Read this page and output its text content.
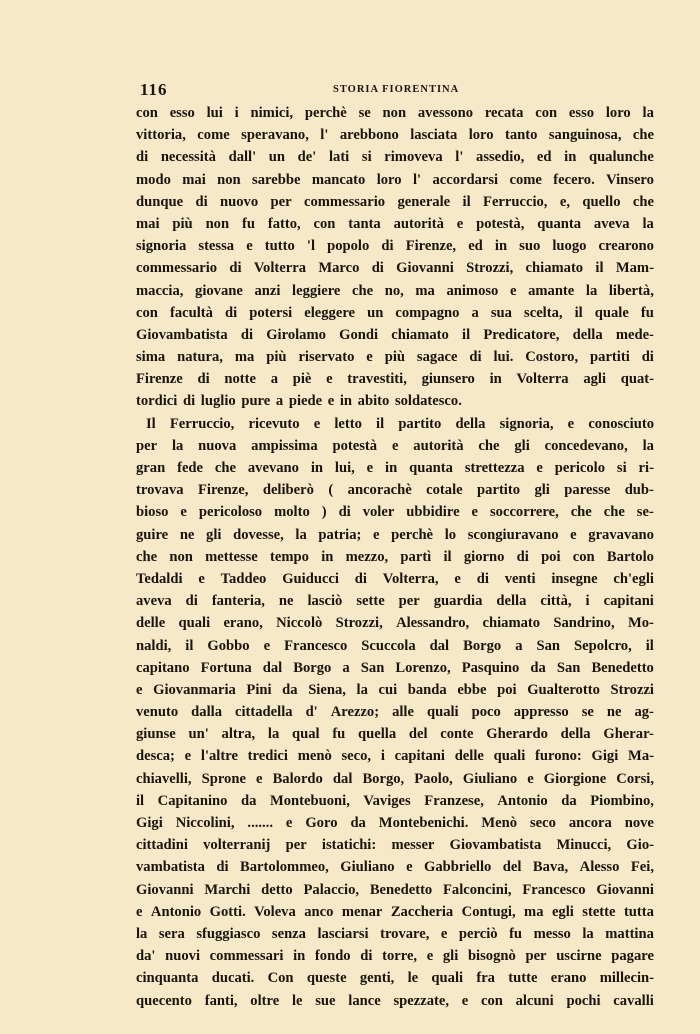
116	STORIA FIORENTINA
con esso lui i nimici, perchè se non avessono recata con esso loro la
vittoria, come speravano, l' arebbono lasciata loro tanto sanguinosa, che
di necessità dall' un de' lati si rimoveva l' assedio, ed in qualunche
modo mai non sarebbe mancato loro l' accordarsi come fecero. Vinsero
dunque di nuovo per commessario generale il Ferruccio, e, quello che
mai più non fu fatto, con tanta autorità e potestà, quanta aveva la
signoria stessa e tutto 'l popolo di Firenze, ed in suo luogo crearono
commessario di Volterra Marco di Giovanni Strozzi, chiamato il Mam-
maccia, giovane anzi leggiere che no, ma animoso e amante la libertà,
con facultà di potersi eleggere un compagno a sua scelta, il quale fu
Giovambatista di Girolamo Gondi chiamato il Predicatore, della mede-
sima natura, ma più riservato e più sagace di lui. Costoro, partiti di
Firenze di notte a piè e travestiti, giunsero in Volterra agli quat-
tordici di luglio pure a piede e in abito soldatesco.
Il Ferruccio, ricevuto e letto il partito della signoria, e conosciuto
per la nuova ampissima potestà e autorità che gli concedevano, la
gran fede che avevano in lui, e in quanta strettezza e pericolo si ri-
trovava Firenze, deliberò ( ancorachè cotale partito gli paresse dub-
bioso e pericoloso molto ) di voler ubbidire e soccorrere, che che se-
guire ne gli dovesse, la patria; e perchè lo scongiuravano e gravavano
che non mettesse tempo in mezzo, partì il giorno di poi con Bartolo
Tedaldi e Taddeo Guiducci di Volterra, e di venti insegne ch'egli
aveva di fanteria, ne lasciò sette per guardia della città, i capitani
delle quali erano, Niccolò Strozzi, Alessandro, chiamato Sandrino, Mo-
naldi, il Gobbo e Francesco Scuccola dal Borgo a San Sepolcro, il
capitano Fortuna dal Borgo a San Lorenzo, Pasquino da San Benedetto
e Giovanmaria Pini da Siena, la cui banda ebbe poi Gualterotto Strozzi
venuto dalla cittadella d' Arezzo; alle quali poco appresso se ne ag-
giunse un' altra, la qual fu quella del conte Gherardo della Gherar-
desca; e l'altre tredici menò seco, i capitani delle quali furono: Gigi Ma-
chiavelli, Sprone e Balordo dal Borgo, Paolo, Giuliano e Giorgione Corsi,
il Capitanino da Montebuoni, Vaviges Franzese, Antonio da Piombino,
Gigi Niccolini, ....... e Goro da Montebenichi. Menò seco ancora nove
cittadini volterranij per istatichi: messer Giovambatista Minucci, Gio-
vambatista di Bartolommeo, Giuliano e Gabbriello del Bava, Alesso Fei,
Giovanni Marchi detto Palaccio, Benedetto Falconcini, Francesco Giovanni
e Antonio Gotti. Voleva anco menar Zaccheria Contugi, ma egli stette tutta
la sera sfuggiasco senza lasciarsi trovare, e perciò fu messo la mattina
da' nuovi commessari in fondo di torre, e gli bisognò per uscirne pagare
cinquanta ducati. Con queste genti, le quali fra tutte erano millecin-
quecento fanti, oltre le sue lance spezzate, e con alcuni pochi cavalli
